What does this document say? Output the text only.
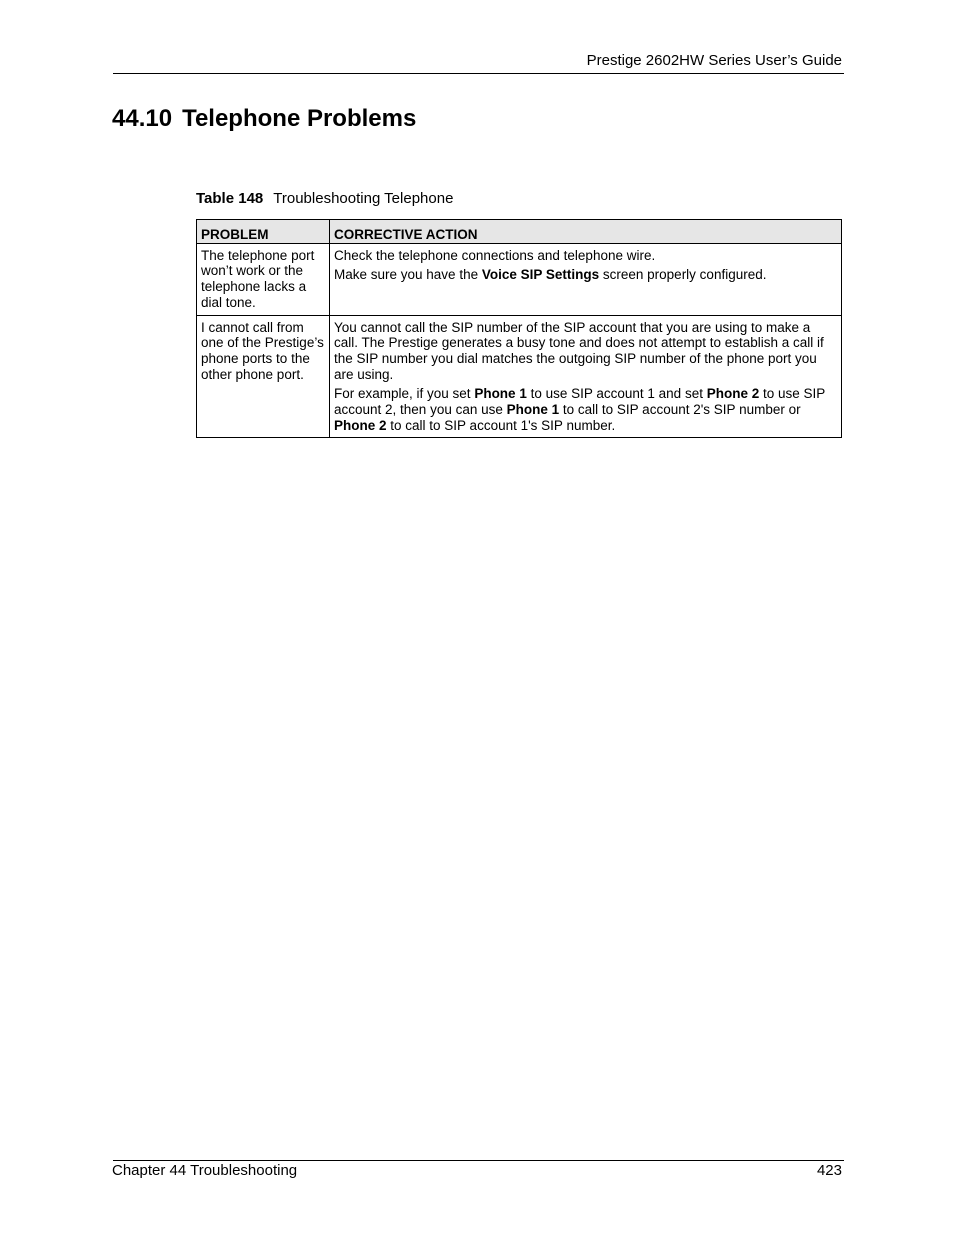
Prestige 2602HW Series User’s Guide
44.10 Telephone Problems
Table 148 Troubleshooting Telephone
PROBLEM	CORRECTIVE ACTION
The telephone port won’t work or the telephone lacks a dial tone.	Check the telephone connections and telephone wire.

Make sure you have the Voice SIP Settings screen properly configured.

I cannot call from one of the Prestige’s phone ports to the other phone port.	You cannot call the SIP number of the SIP account that you are using to make a call. The Prestige generates a busy tone and does not attempt to establish a call if the SIP number you dial matches the outgoing SIP number of the phone port you are using.

For example, if you set Phone 1 to use SIP account 1 and set Phone 2 to use SIP account 2, then you can use Phone 1 to call to SIP account 2's SIP number or Phone 2 to call to SIP account 1's SIP number.

Chapter 44 Troubleshooting	423
